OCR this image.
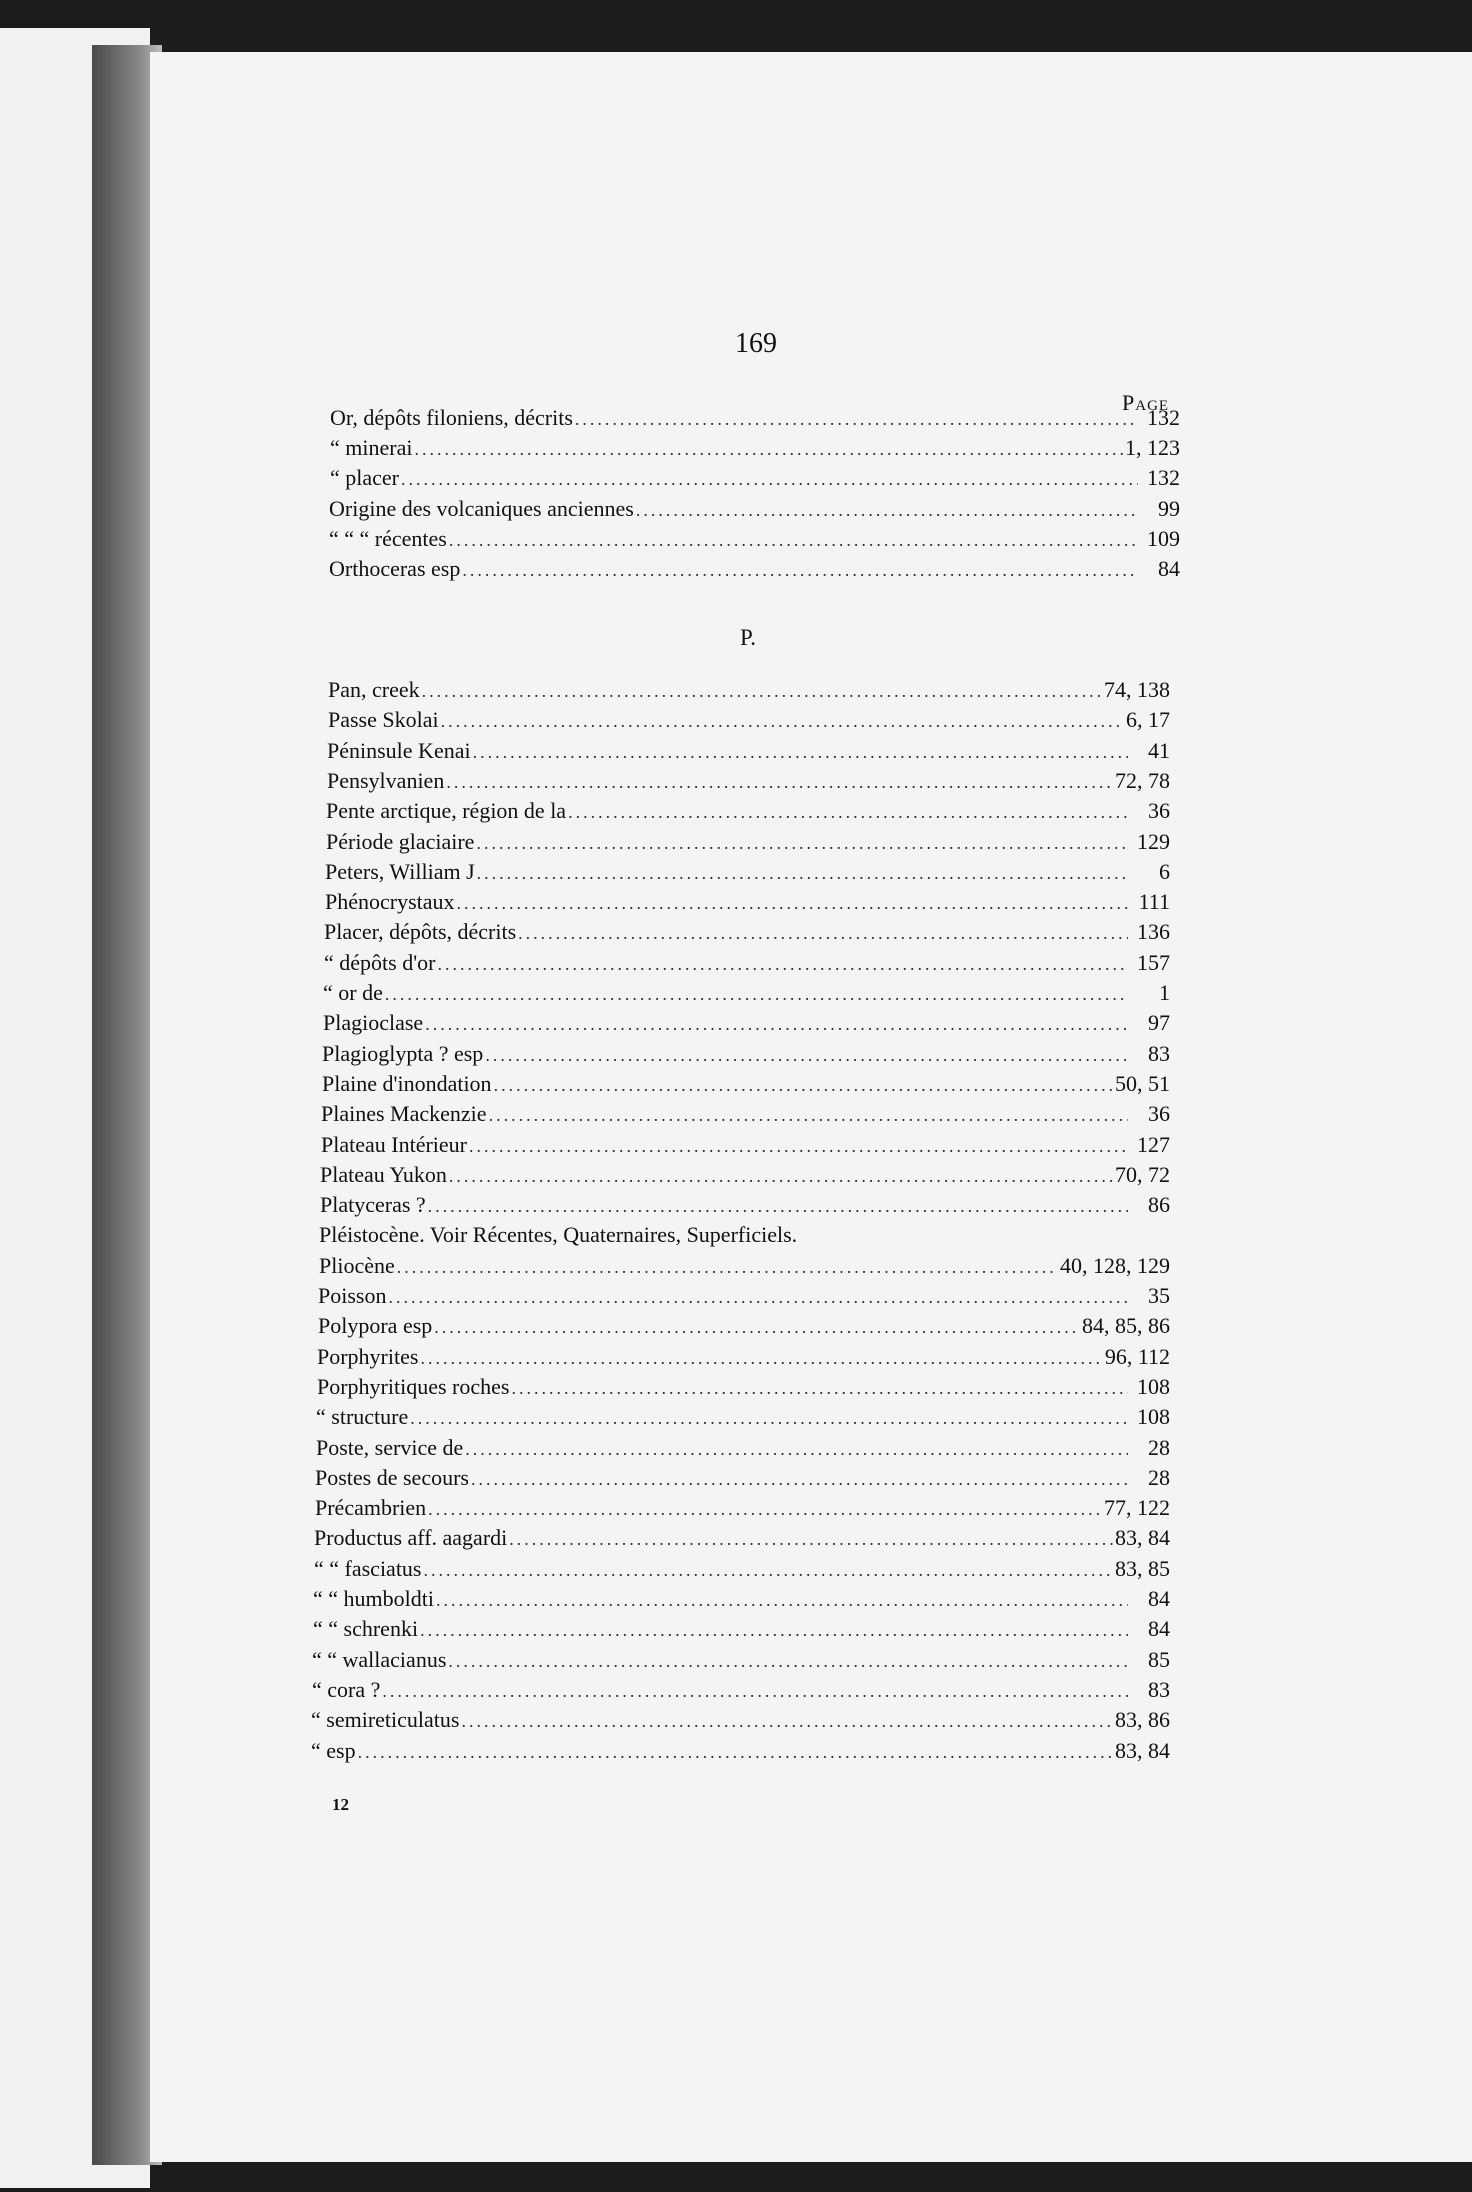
169
Page
Or, dépôts filoniens, décrits .....	132
“ minerai .....	1, 123
“ placer .....	132
Origine des volcaniques anciennes .....	99
“ “ “ récentes .....	109
Orthoceras esp .....	84
P.
Pan, creek .....	74, 138
Passe Skolai .....	6, 17
Péninsule Kenai .....	41
Pensylvanien .....	72, 78
Pente arctique, région de la .....	36
Période glaciaire .....	129
Peters, William J .....	6
Phénocrystaux .....	111
Placer, dépôts, décrits .....	136
“ dépôts d'or .....	157
“ or de .....	1
Plagioclase .....	97
Plagioglypta ? esp .....	83
Plaine d'inondation .....	50, 51
Plaines Mackenzie .....	36
Plateau Intérieur .....	127
Plateau Yukon .....	70, 72
Platyceras ? .....	86
Pléistocène. Voir Récentes, Quaternaires, Superficiels.
Pliocène .....	40, 128, 129
Poisson .....	35
Polypora esp .....	84, 85, 86
Porphyrites .....	96, 112
Porphyritiques roches .....	108
“ structure .....	108
Poste, service de .....	28
Postes de secours .....	28
Précambrien .....	77, 122
Productus aff. aagardi .....	83, 84
“ “ fasciatus .....	83, 85
“ “ humboldti .....	84
“ “ schrenki .....	84
“ “ wallacianus .....	85
“ cora ? .....	83
“ semireticulatus .....	83, 86
“ esp .....	83, 84
12
